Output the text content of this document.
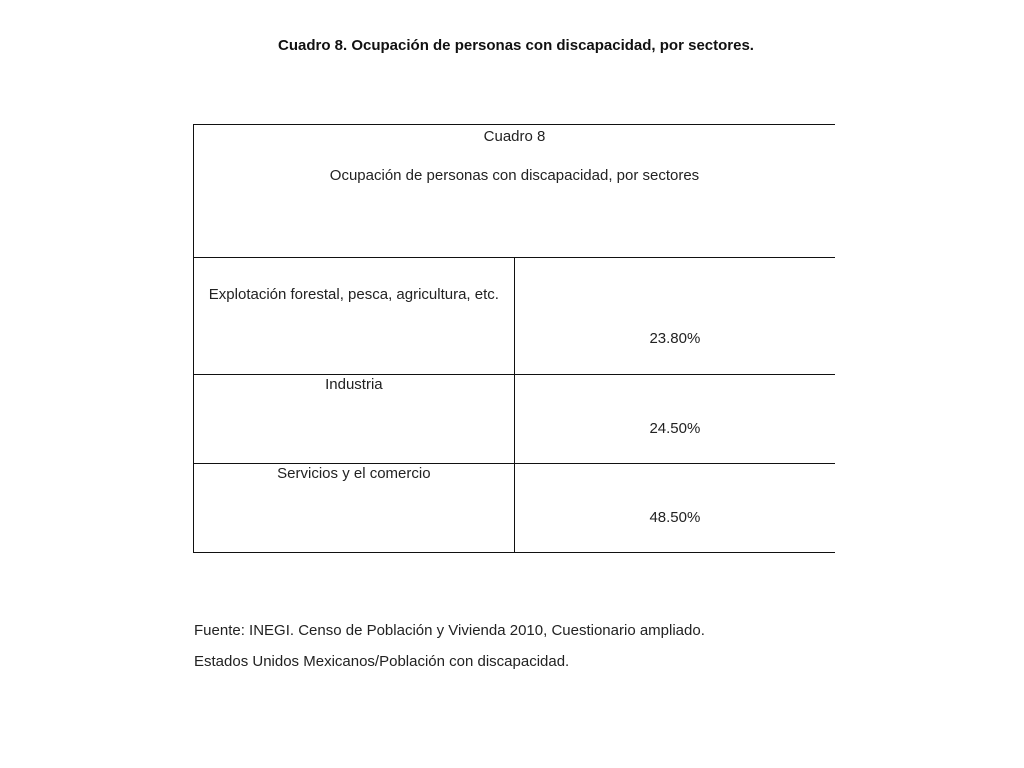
Cuadro 8. Ocupación de personas con discapacidad, por sectores.
Cuadro 8
Ocupación de personas con discapacidad, por sectores	

Explotación forestal, pesca, agricultura, etc.	23.80%

Industria	24.50%

Servicios y el comercio	48.50%
Fuente: INEGI. Censo de Población y Vivienda 2010, Cuestionario ampliado.
Estados Unidos Mexicanos/Población con discapacidad.
